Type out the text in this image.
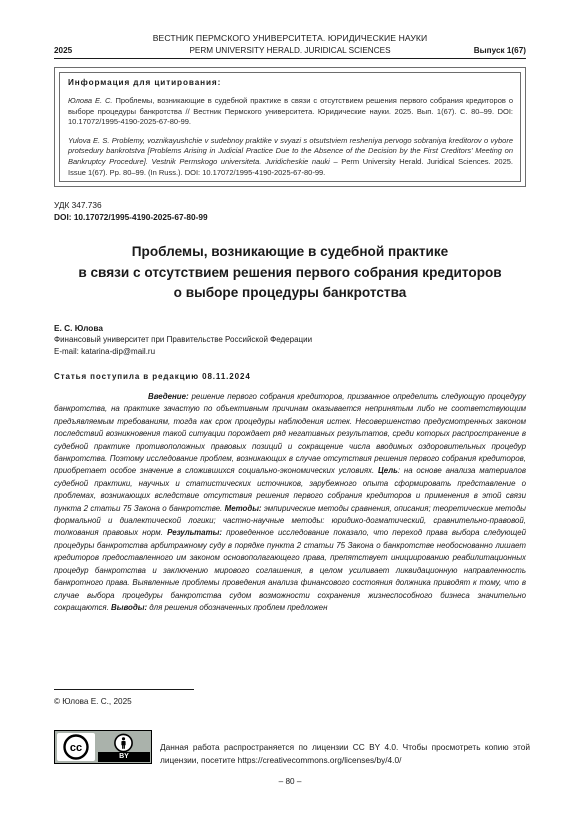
ВЕСТНИК ПЕРМСКОГО УНИВЕРСИТЕТА. ЮРИДИЧЕСКИЕ НАУКИ
2025	PERM UNIVERSITY HERALD. JURIDICAL SCIENCES	Выпуск 1(67)
Информация для цитирования:

Юлова Е. С. Проблемы, возникающие в судебной практике в связи с отсутствием решения первого собрания кредиторов о выборе процедуры банкротства // Вестник Пермского университета. Юридические науки. 2025. Вып. 1(67). С. 80–99. DOI: 10.17072/1995-4190-2025-67-80-99.

Yulova E. S. Problemy, voznikayushchie v sudebnoy praktike v svyazi s otsutstviem resheniya pervogo sobraniya kreditorov o vybore protsedury bankrotstva [Problems Arising in Judicial Practice Due to the Absence of the Decision by the First Creditors' Meeting on Bankruptcy Procedure]. Vestnik Permskogo universiteta. Juridicheskie nauki – Perm University Herald. Juridical Sciences. 2025. Issue 1(67). Pp. 80–99. (In Russ.). DOI: 10.17072/1995-4190-2025-67-80-99.

УДК 347.736
DOI: 10.17072/1995-4190-2025-67-80-99
Проблемы, возникающие в судебной практике
в связи с отсутствием решения первого собрания кредиторов
о выборе процедуры банкротства
Е. С. Юлова
Финансовый университет при Правительстве Российской Федерации
E-mail: katarina-dip@mail.ru
Статья поступила в редакцию 08.11.2024

Введение: решение первого собрания кредиторов, призванное определить следующую процедуру банкротства, на практике зачастую по объективным причинам оказывается непринятым либо не соответствующим предъявляемым требованиям, тогда как срок процедуры наблюдения истек. Несовершенство предусмотренных законом последствий возникновения такой ситуации порождает ряд негативных результатов, среди которых распространение в судебной практике противоположных правовых позиций и сокращение числа вводимых оздоровительных процедур банкротства. Поэтому исследование проблем, возникающих в случае отсутствия решения первого собрания кредиторов, приобретает особое значение в сложившихся социально-экономических условиях. Цель: на основе анализа материалов судебной практики, научных и статистических источников, зарубежного опыта сформировать представление о проблемах, возникающих вследствие отсутствия решения первого собрания кредиторов и применения в этой связи пункта 2 статьи 75 Закона о банкротстве. Методы: эмпирические методы сравнения, описания; теоретические методы формальной и диалектической логики; частно-научные методы: юридико-догматический, сравнительно-правовой, толкования правовых норм. Результаты: проведенное исследование показало, что переход права выбора следующей процедуры банкротства арбитражному суду в порядке пункта 2 статьи 75 Закона о банкротстве необоснованно лишает кредиторов предоставленного им законом основополагающего права, препятствует инициированию реабилитационных процедур банкротства и заключению мирового соглашения, в целом усиливает ликвидационную направленность банкротного права. Выявленные проблемы проведения анализа финансового состояния должника приводят к тому, что в случае выбора процедуры банкротства судом возможности сохранения жизнеспособного бизнеса значительно сокращаются. Выводы: для решения обозначенных проблем предложен

© Юлова Е. С., 2025
cc
BY

Данная работа распространяется по лицензии CC BY 4.0. Чтобы просмотреть копию этой лицензии, посетите https://creativecommons.org/licenses/by/4.0/

– 80 –
